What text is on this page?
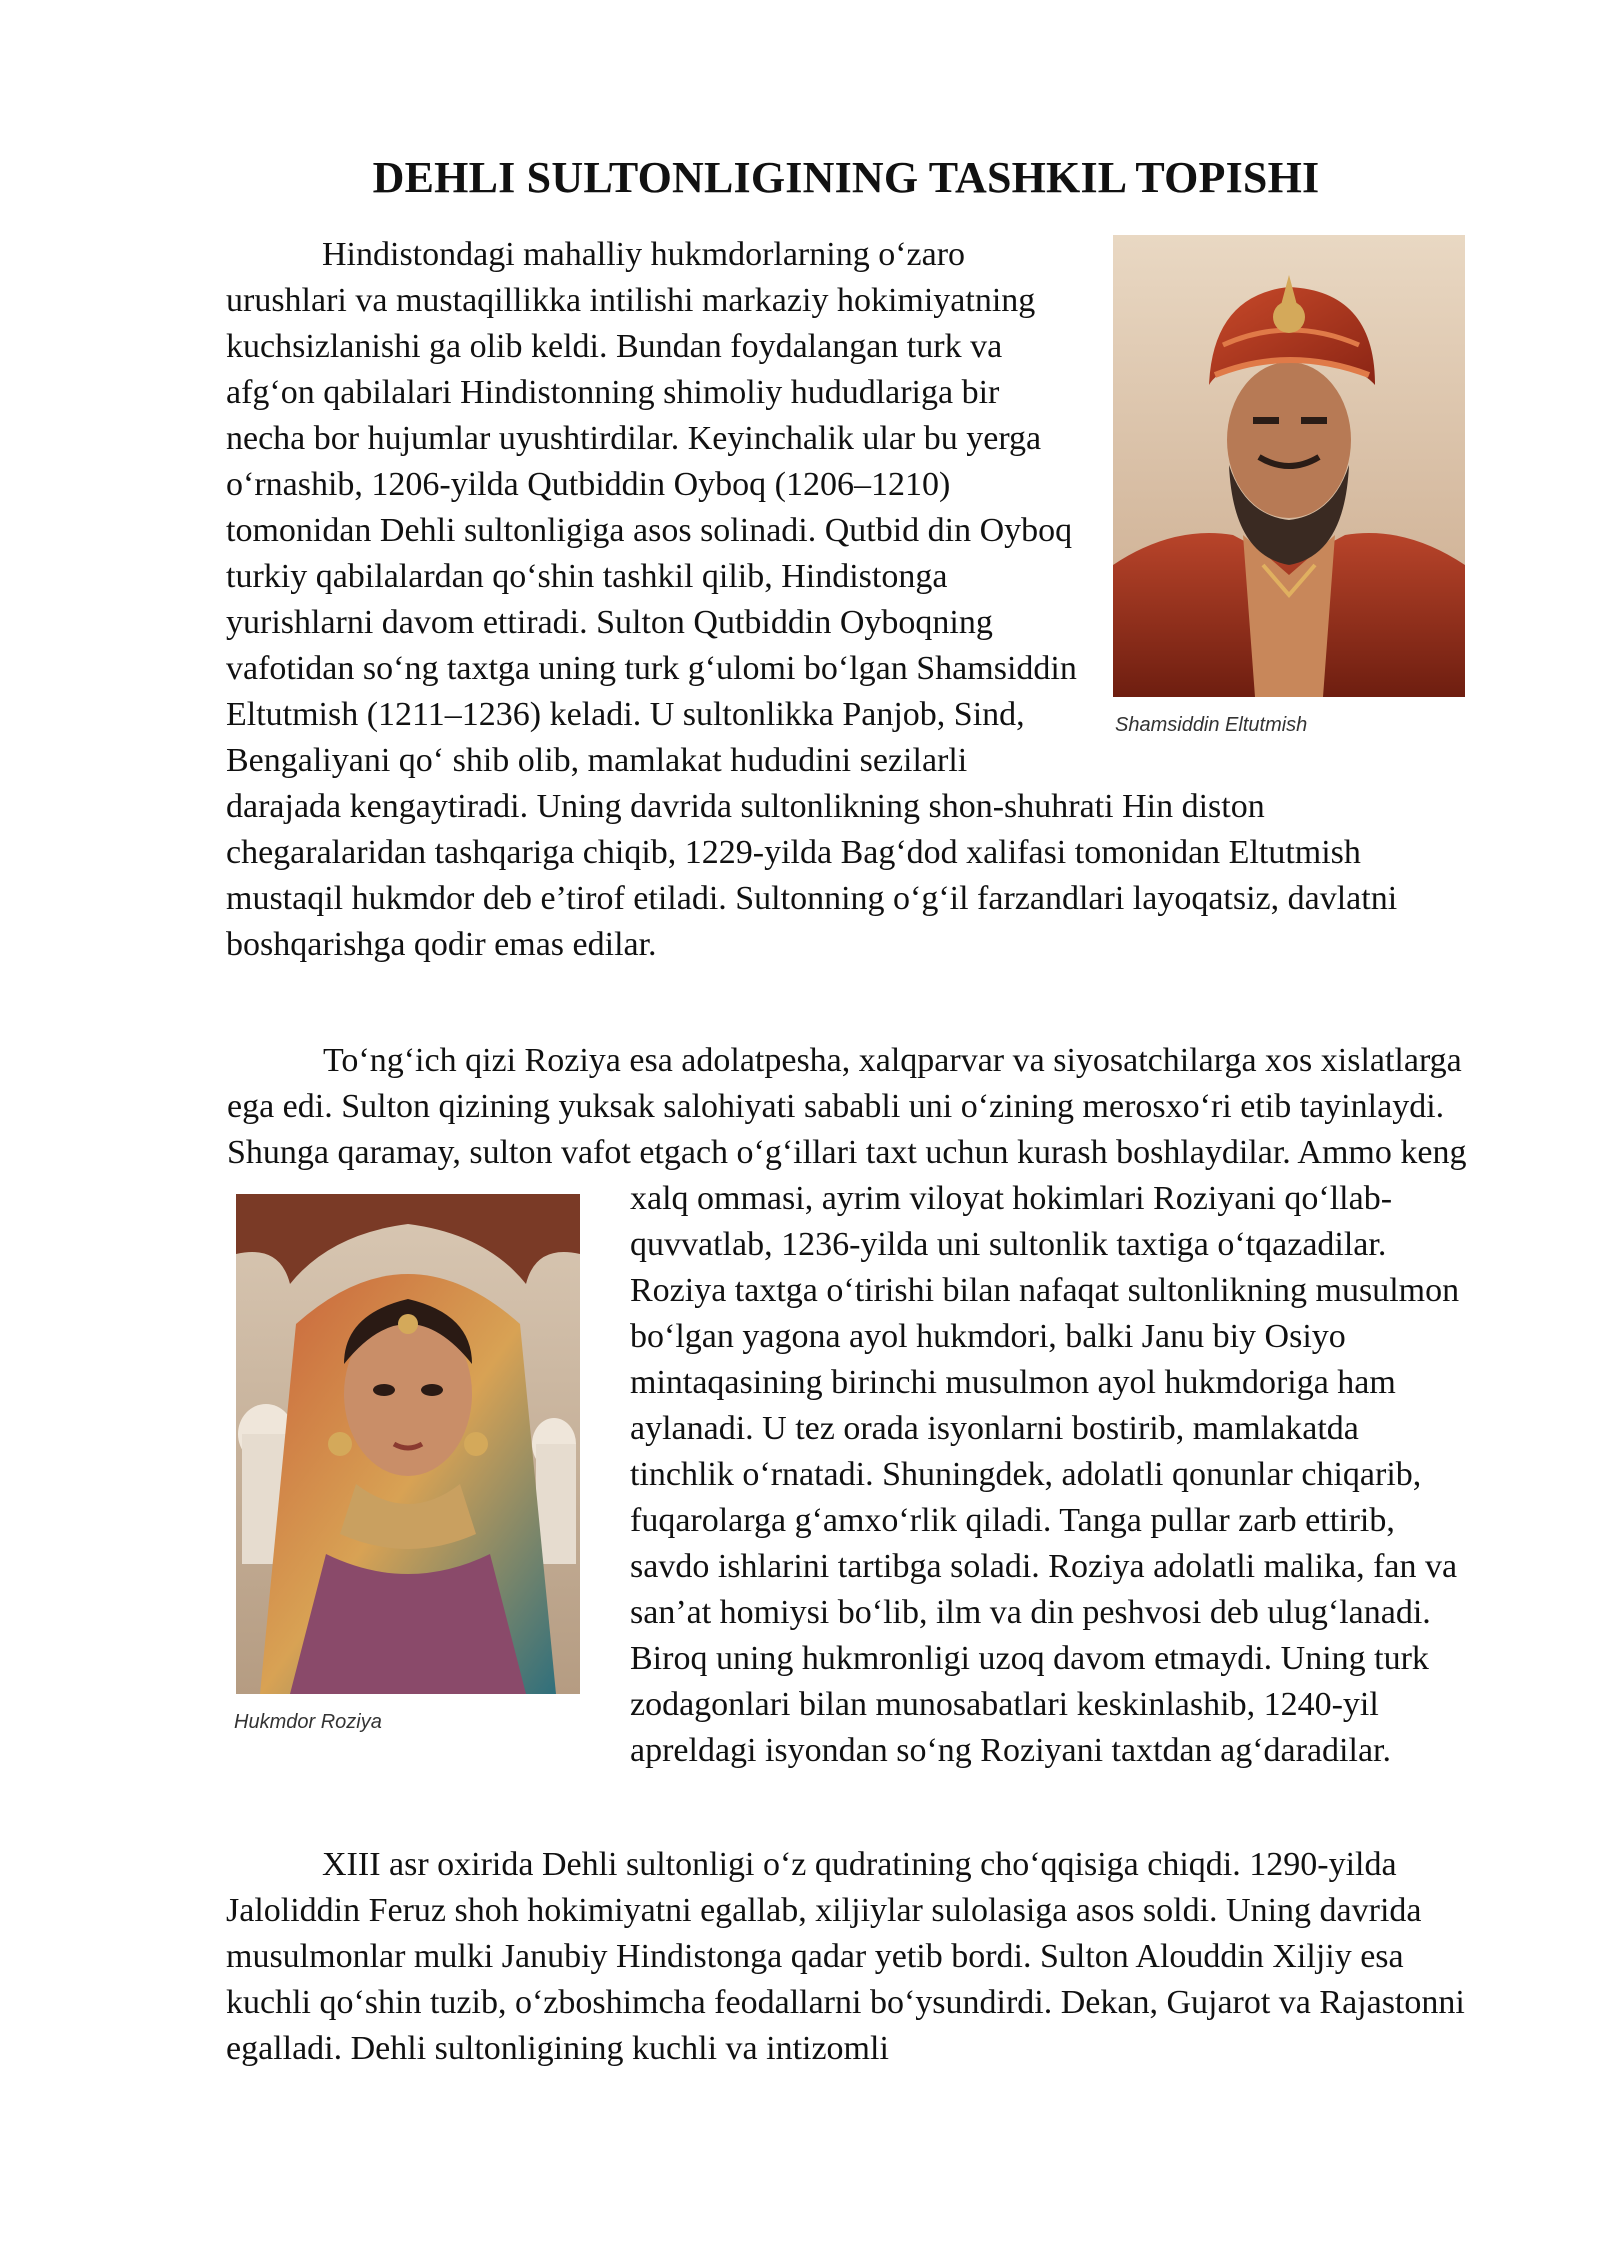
DEHLI SULTONLIGINING TASHKIL TOPISHI
Shamsiddin Eltutmish
Hindistondagi mahalliy hukmdorlarning o‘zaro urushlari va mustaqillikka intilishi markaziy hokimiyatning kuchsizlanishi ga olib keldi. Bundan foydalangan turk va afg‘on qabilalari Hindistonning shimoliy hududlariga bir necha bor hujumlar uyushtirdilar. Keyinchalik ular bu yerga o‘rnashib, 1206-yilda Qutbiddin Oyboq (1206–1210) tomonidan Dehli sultonligiga asos solinadi. Qutbid din Oyboq turkiy qabilalardan qo‘shin tashkil qilib, Hindistonga yurishlarni davom ettiradi. Sulton Qutbiddin Oyboqning vafotidan so‘ng taxtga uning turk g‘ulomi bo‘lgan Shamsiddin Eltutmish (1211–1236) keladi. U sultonlikka Panjob, Sind, Bengaliyani qo‘ shib olib, mamlakat hududini sezilarli darajada kengaytiradi. Uning davrida sultonlikning shon-shuhrati Hin diston chegaralaridan tashqariga chiqib, 1229-yilda Bag‘dod xalifasi tomonidan Eltutmish mustaqil hukmdor deb e’tirof etiladi. Sultonning o‘g‘il farzandlari layoqatsiz, davlatni boshqarishga qodir emas edilar.
Hukmdor Roziya
To‘ng‘ich qizi Roziya esa adolatpesha, xalqparvar va siyosatchilarga xos xislatlarga ega edi. Sulton qizining yuksak salohiyati sababli uni o‘zining merosxo‘ri etib tayinlaydi. Shunga qaramay, sulton vafot etgach o‘g‘illari taxt uchun kurash boshlaydilar. Ammo keng xalq ommasi, ayrim viloyat hokimlari Roziyani qo‘llab- quvvatlab, 1236-yilda uni sultonlik taxtiga o‘tqazadilar. Roziya taxtga o‘tirishi bilan nafaqat sultonlikning musulmon bo‘lgan yagona ayol hukmdori, balki Janu biy Osiyo mintaqasining birinchi musulmon ayol hukmdoriga ham aylanadi. U tez orada isyonlarni bostirib, mamlakatda tinchlik o‘rnatadi. Shuningdek, adolatli qonunlar chiqarib, fuqarolarga g‘amxo‘rlik qiladi. Tanga pullar zarb ettirib, savdo ishlarini tartibga soladi. Roziya adolatli malika, fan va san’at homiysi bo‘lib, ilm va din peshvosi deb ulug‘lanadi. Biroq uning hukmronligi uzoq davom etmaydi. Uning turk zodagonlari bilan munosabatlari keskinlashib, 1240-yil apreldagi isyondan so‘ng Roziyani taxtdan ag‘daradilar.
XIII asr oxirida Dehli sultonligi o‘z qudratining cho‘qqisiga chiqdi. 1290-yilda Jaloliddin Feruz shoh hokimiyatni egallab, xiljiylar sulolasiga asos soldi. Uning davrida musulmonlar mulki Janubiy Hindistonga qadar yetib bordi. Sulton Alouddin Xiljiy esa kuchli qo‘shin tuzib, o‘zboshimcha feodallarni bo‘ysundirdi. Dekan, Gujarot va Rajastonni egalladi. Dehli sultonligining kuchli va intizomli
